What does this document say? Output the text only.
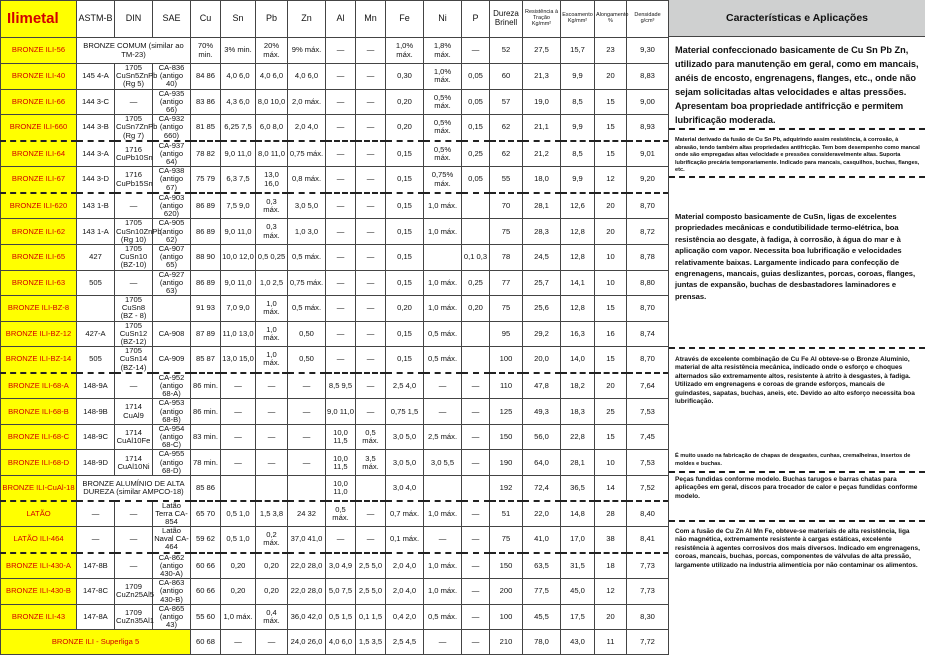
Ilimetal	ASTM-B	DIN	SAE	Cu	Sn	Pb	Zn	Al	Mn	Fe	Ni	P	Dureza Brinell	Resistência à Tração Kg/mm²	Escoamento Kg/mm²	Alongamento %	Densidade g/cm³
BRONZE ILI-56	BRONZE COMUM (similar ao TM-23)			70% min.	3% min.	20% máx.	9% máx.	—	—	1,0% máx.	1,8% máx.	—	52	27,5	15,7	23	9,30
BRONZE ILI-40	145 4-A	1705 CuSn5ZnPb (Rg 5)	CA-836 (antigo 40)	84 86	4,0 6,0	4,0 6,0	4,0 6,0	—	—	0,30	1,0% máx.	0,05	60	21,3	9,9	20	8,83
BRONZE ILI-66	144 3-C	—	CA-935 (antigo 66)	83 86	4,3 6,0	8,0 10,0	2,0 máx.	—	—	0,20	0,5% máx.	0,05	57	19,0	8,5	15	9,00
BRONZE ILI-660	144 3-B	1705 CuSn7ZnPb (Rg 7)	CA-932 (antigo 660)	81 85	6,25 7,5	6,0 8,0	2,0 4,0	—	—	0,20	0,5% máx.	0,15	62	21,1	9,9	15	8,93
BRONZE ILI-64	144 3-A	1716 CuPb10Sn	CA-937 (antigo 64)	78 82	9,0 11,0	8,0 11,0	0,75 máx.	—	—	0,15	0,5% máx.	0,25	62	21,2	8,5	15	9,01
BRONZE ILI-67	144 3-D	1716 CuPb15Sn	CA-938 (antigo 67)	75 79	6,3 7,5	13,0 16,0	0,8 máx.	—	—	0,15	0,75% máx.	0,05	55	18,0	9,9	12	9,20
BRONZE ILI-620	143 1-B	—	CA-903 (antigo 620)	86 89	7,5 9,0	0,3 máx.	3,0 5,0	—	—	0,15	1,0 máx.		70	28,1	12,6	20	8,70
BRONZE ILI-62	143 1-A	1705 CuSn10ZnPb (Rg 10)	CA-905 (antigo 62)	86 89	9,0 11,0	0,3 máx.	1,0 3,0	—	—	0,15	1,0 máx.		75	28,3	12,8	20	8,72
BRONZE ILI-65	427	1705 CuSn10 (BZ-10)	CA-907 (antigo 65)	88 90	10,0 12,0	0,5 0,25	0,5 máx.	—	—	0,15		0,1 0,3	78	24,5	12,8	10	8,78
BRONZE ILI-63	505	—	CA-927 (antigo 63)	86 89	9,0 11,0	1,0 2,5	0,75 máx.	—	—	0,15	1,0 máx.	0,25	77	25,7	14,1	10	8,80
BRONZE ILI-BZ-8		1705 CuSn8 (BZ - 8)		91 93	7,0 9,0	1,0 máx.	0,5 máx.	—	—	0,20	1,0 máx.	0,20	75	25,6	12,8	15	8,70
BRONZE ILI-BZ-12	427-A	1705 CuSn12 (BZ-12)	CA-908	87 89	11,0 13,0	1,0 máx.	0,50	—	—	0,15	0,5 máx.		95	29,2	16,3	16	8,74
BRONZE ILI-BZ-14	505	1705 CuSn14 (BZ-14)	CA-909	85 87	13,0 15,0	1,0 máx.	0,50	—	—	0,15	0,5 máx.		100	20,0	14,0	15	8,70
BRONZE ILI-68-A	148-9A	—	CA-952 (antigo 68-A)	86 min.	—	—	—	8,5 9,5	—	2,5 4,0	—	—	110	47,8	18,2	20	7,64
BRONZE ILI-68-B	148-9B	1714 CuAl9	CA-953 (antigo 68-B)	86 min.	—	—	—	9,0 11,0	—	0,75 1,5	—	—	125	49,3	18,3	25	7,53
BRONZE ILI-68-C	148-9C	1714 CuAl10Fe	CA-954 (antigo 68-C)	83 min.	—	—	—	10,0 11,5	0,5 máx.	3,0 5,0	2,5 máx.	—	150	56,0	22,8	15	7,45
BRONZE ILI-68-D	148-9D	1714 CuAl10Ni	CA-955 (antigo 68-D)	78 min.	—	—	—	10,0 11,5	3,5 máx.	3,0 5,0	3,0 5,5	—	190	64,0	28,1	10	7,53
BRONZE ILI-CuAl-18	BRONZE ALUMÍNIO DE ALTA DUREZA (similar AMPCO-18)			85 86				10,0 11,0		3,0 4,0			192	72,4	36,5	14	7,52
LATÃO	—	—	Latão Terra CA-854	65 70	0,5 1,0	1,5 3,8	24 32	0,5 máx.	—	0,7 máx.	1,0 máx.	—	51	22,0	14,8	28	8,40
LATÃO ILI-464	—	—	Latão Naval CA-464	59 62	0,5 1,0	0,2 máx.	37,0 41,0	—	—	0,1 máx.	—	—	75	41,0	17,0	38	8,41
BRONZE ILI-430-A	147-8B	—	CA-862 (antigo 430-A)	60 66	0,20	0,20	22,0 28,0	3,0 4,9	2,5 5,0	2,0 4,0	1,0 máx.	—	150	63,5	31,5	18	7,73
BRONZE ILI-430-B	147-8C	1709 CuZn25Al5	CA-863 (antigo 430-B)	60 66	0,20	0,20	22,0 28,0	5,0 7,5	2,5 5,0	2,0 4,0	1,0 máx.	—	200	77,5	45,0	12	7,73
BRONZE ILI-43	147-8A	1709 CuZn35Al1	CA-865 (antigo 43)	55 60	1,0 máx.	0,4 máx.	36,0 42,0	0,5 1,5	0,1 1,5	0,4 2,0	0,5 máx.	—	100	45,5	17,5	20	8,30
BRONZE ILI - Superliga 5				60 68	—	—	24,0 26,0	4,0 6,0	1,5 3,5	2,5 4,5	—	—	210	78,0	43,0	11	7,72
Características e Aplicações
Material confeccionado basicamente de Cu Sn Pb Zn, utilizado para manutenção em geral, como em mancais, anéis de encosto, engrenagens, flanges, etc., onde não sejam solicitadas altas velocidades e altas pressões. Apresentam boa propriedade antifricção e permitem lubrificação moderada.
Material derivado da fusão de Cu Sn Pb, adquirindo assim resistência, à corrosão, à abrasão, tendo também altas propriedades antifricção. Tem bom desempenho como mancal onde são empregadas altas velocidade e pressões consideravelmente altas. Suporta lubrificação precária temporariamente. Indicado para mancais, casquilhos, buchas, flanges, etc.
Material composto basicamente de CuSn, ligas de excelentes propriedades mecânicas e condutibilidade termo-elétrica, boa resistência ao desgate, à fadiga, à corrosão, à água do mar e à aplicação com vapor. Necessita boa lubrificação e velocidades relativamente baixas. Largamente indicado para confecção de engrenagens, mancais, guias deslizantes, porcas, coroas, flanges, juntas de expansão, buchas de desbastadores laminadores e prensas.
Através de excelente combinação de Cu Fe Al obteve-se o Bronze Alumínio, material de alta resistência mecânica, indicado onde o esforço e choques alternados são extremamente altos, resistente à atrito à desgastes, à fadiga. Utilizado em engrenagens e coroas de grande esforços, mancais de guindastes, sapatas, buchas, aneis, etc. Devido ao alto esforço necessita boa lubrificação.
É muito usado na fabricação de chapas de desgastes, cunhas, cremalheiras, insertos de moldes e buchas.
Peças fundidas conforme modelo. Buchas tarugos e barras chatas para aplicações em geral, discos para trocador de calor e peças fundidas conforme modelo.
Com a fusão de Cu Zn Al Mn Fe, obteve-se materiais de alta resistência, liga não magnética, extremamente resistente à cargas estáticas, excelente resistência à agentes corrosivos dos mais diversos. Indicado em engrenagens, coroas, mancais, buchas, porcas, componentes de válvulas de alta pressão, largamente utilizado na industria alimentícia por não contaminar os alimentos.
